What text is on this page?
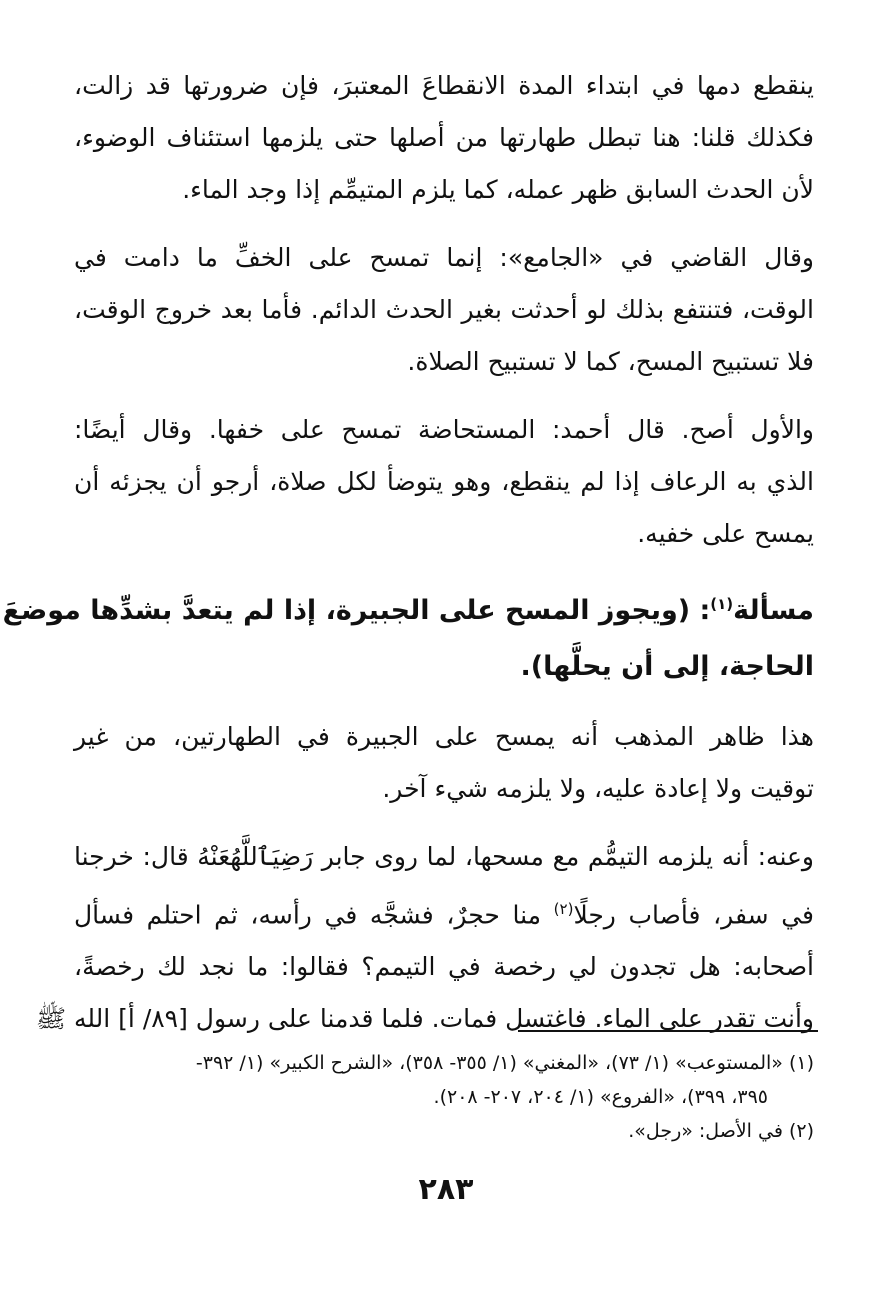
ينقطع دمها في ابتداء المدة الانقطاعَ المعتبرَ، فإن ضرورتها قد زالت،
فكذلك قلنا: هنا تبطل طهارتها من أصلها حتى يلزمها استئناف الوضوء،
لأن الحدث السابق ظهر عمله، كما يلزم المتيمِّم إذا وجد الماء.
وقال القاضي في «الجامع»: إنما تمسح على الخفِّ ما دامت في
الوقت، فتنتفع بذلك لو أحدثت بغير الحدث الدائم. فأما بعد خروج الوقت،
فلا تستبيح المسح، كما لا تستبيح الصلاة.
والأول أصح. قال أحمد: المستحاضة تمسح على خفها. وقال أيضًا:
الذي به الرعاف إذا لم ينقطع، وهو يتوضأ لكل صلاة، أرجو أن يجزئه أن
يمسح على خفيه.
مسألة$^{(١)}$: (ويجوز المسح على الجبيرة، إذا لم يتعدَّ بشدِّها موضعَ
الحاجة، إلى أن يحلَّها).
هذا ظاهر المذهب أنه يمسح على الجبيرة في الطهارتين، من غير
توقيت ولا إعادة عليه، ولا يلزمه شيء آخر.
وعنه: أنه يلزمه التيمُّم مع مسحها، لما روى جابر رَضِيَٱللَّهُعَنْهُ قال: خرجنا
في سفر، فأصاب رجلًا$^{(٢)}$ منا حجرٌ، فشجَّه في رأسه، ثم احتلم فسأل
أصحابه: هل تجدون لي رخصة في التيمم؟ فقالوا: ما نجد لك رخصةً،
وأنت تقدر على الماء. فاغتسل فمات. فلما قدمنا على رسول [٨٩/ أ] الله ﷺ
(١) «المستوعب» (١/ ٧٣)، «المغني» (١/ ٣٥٥- ٣٥٨)، «الشرح الكبير» (١/ ٣٩٢-
٣٩٥، ٣٩٩)، «الفروع» (١/ ٢٠٤، ٢٠٧- ٢٠٨).
(٢) في الأصل: «رجل».
٢٨٣
